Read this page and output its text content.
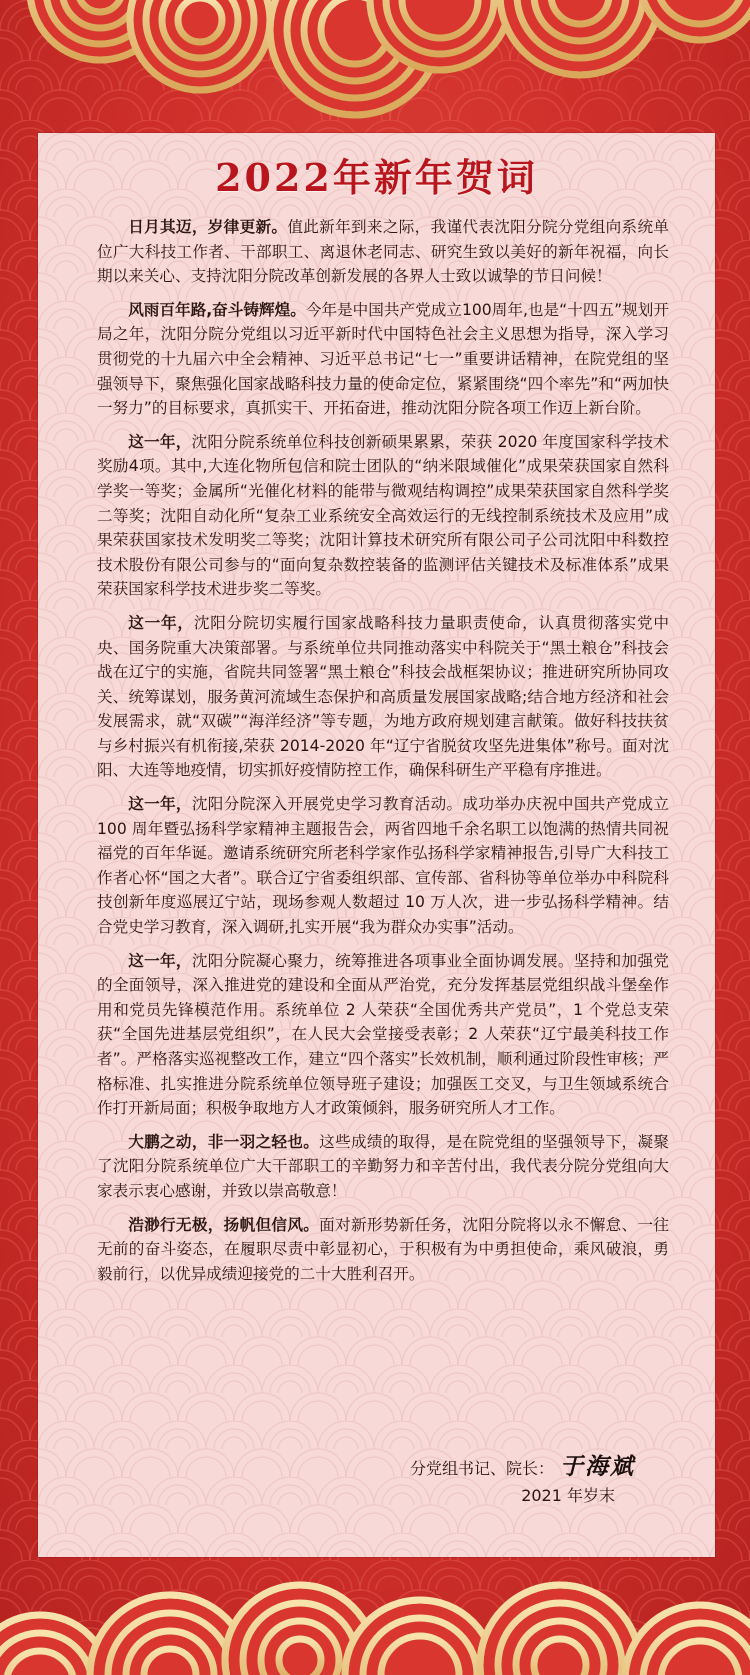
2022年新年贺词

日月其迈，岁律更新。值此新年到来之际，我谨代表沈阳分院分党组向系统单位广大科技工作者、干部职工、离退休老同志、研究生致以美好的新年祝福，向长期以来关心、支持沈阳分院改革创新发展的各界人士致以诚挚的节日问候！

风雨百年路,奋斗铸辉煌。今年是中国共产党成立100周年,也是“十四五”规划开局之年，沈阳分院分党组以习近平新时代中国特色社会主义思想为指导，深入学习贯彻党的十九届六中全会精神、习近平总书记“七一”重要讲话精神，在院党组的坚强领导下，聚焦强化国家战略科技力量的使命定位，紧紧围绕“四个率先”和“两加快一努力”的目标要求，真抓实干、开拓奋进，推动沈阳分院各项工作迈上新台阶。

这一年，沈阳分院系统单位科技创新硕果累累，荣获 2020 年度国家科学技术奖励4项。其中,大连化物所包信和院士团队的“纳米限域催化”成果荣获国家自然科学奖一等奖；金属所“光催化材料的能带与微观结构调控”成果荣获国家自然科学奖二等奖；沈阳自动化所“复杂工业系统安全高效运行的无线控制系统技术及应用”成果荣获国家技术发明奖二等奖；沈阳计算技术研究所有限公司子公司沈阳中科数控技术股份有限公司参与的“面向复杂数控装备的监测评估关键技术及标准体系”成果荣获国家科学技术进步奖二等奖。

这一年，沈阳分院切实履行国家战略科技力量职责使命，认真贯彻落实党中央、国务院重大决策部署。与系统单位共同推动落实中科院关于“黑土粮仓”科技会战在辽宁的实施，省院共同签署“黑土粮仓”科技会战框架协议；推进研究所协同攻关、统筹谋划，服务黄河流域生态保护和高质量发展国家战略;结合地方经济和社会发展需求，就“双碳”“海洋经济”等专题，为地方政府规划建言献策。做好科技扶贫与乡村振兴有机衔接,荣获 2014-2020 年“辽宁省脱贫攻坚先进集体”称号。面对沈阳、大连等地疫情，切实抓好疫情防控工作，确保科研生产平稳有序推进。

这一年，沈阳分院深入开展党史学习教育活动。成功举办庆祝中国共产党成立 100 周年暨弘扬科学家精神主题报告会，两省四地千余名职工以饱满的热情共同祝福党的百年华诞。邀请系统研究所老科学家作弘扬科学家精神报告,引导广大科技工作者心怀“国之大者”。联合辽宁省委组织部、宣传部、省科协等单位举办中科院科技创新年度巡展辽宁站，现场参观人数超过 10 万人次，进一步弘扬科学精神。结合党史学习教育，深入调研,扎实开展“我为群众办实事”活动。

这一年，沈阳分院凝心聚力，统筹推进各项事业全面协调发展。坚持和加强党的全面领导，深入推进党的建设和全面从严治党，充分发挥基层党组织战斗堡垒作用和党员先锋模范作用。系统单位 2 人荣获“全国优秀共产党员”，1 个党总支荣获“全国先进基层党组织”，在人民大会堂接受表彰；2 人荣获“辽宁最美科技工作者”。严格落实巡视整改工作，建立“四个落实”长效机制，顺利通过阶段性审核；严格标准、扎实推进分院系统单位领导班子建设；加强医工交叉，与卫生领域系统合作打开新局面；积极争取地方人才政策倾斜，服务研究所人才工作。

大鹏之动，非一羽之轻也。这些成绩的取得，是在院党组的坚强领导下，凝聚了沈阳分院系统单位广大干部职工的辛勤努力和辛苦付出，我代表分院分党组向大家表示衷心感谢，并致以崇高敬意！

浩渺行无极，扬帆但信风。面对新形势新任务，沈阳分院将以永不懈怠、一往无前的奋斗姿态，在履职尽责中彰显初心，于积极有为中勇担使命，乘风破浪，勇毅前行，以优异成绩迎接党的二十大胜利召开。

分党组书记、院长： 于海斌
2021 年岁末
